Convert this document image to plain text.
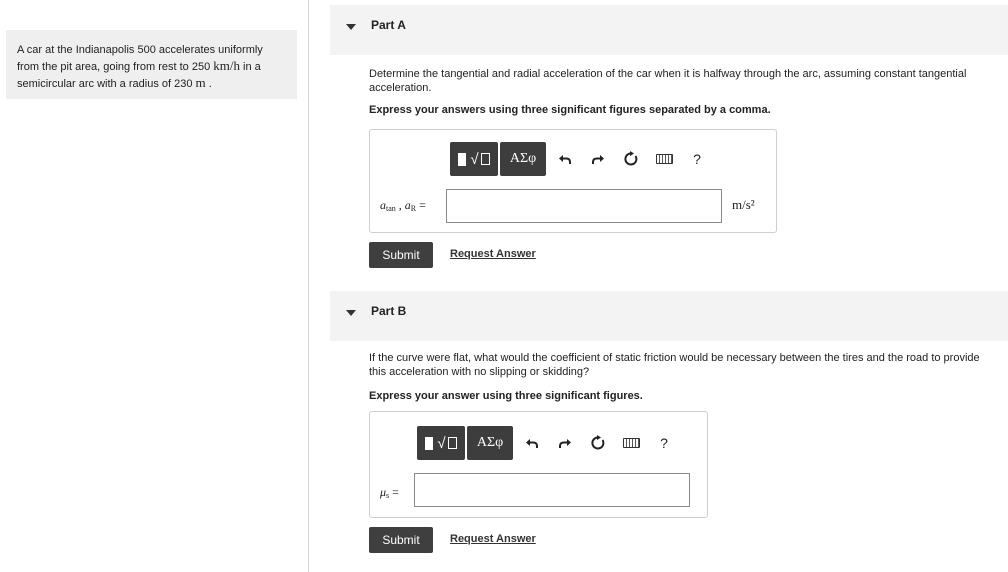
A car at the Indianapolis 500 accelerates uniformly from the pit area, going from rest to 250 km/h in a semicircular arc with a radius of 230 m .
Part A
Determine the tangential and radial acceleration of the car when it is halfway through the arc, assuming constant tangential acceleration.
Express your answers using three significant figures separated by a comma.
√	ΑΣφ	?
$a_{tan}$ , $a_R$ =	m/s²
Submit	Request Answer
Part B
If the curve were flat, what would the coefficient of static friction would be necessary between the tires and the road to provide this acceleration with no slipping or skidding?
Express your answer using three significant figures.
√	ΑΣφ	?
$\mu_s$ =
Submit	Request Answer
